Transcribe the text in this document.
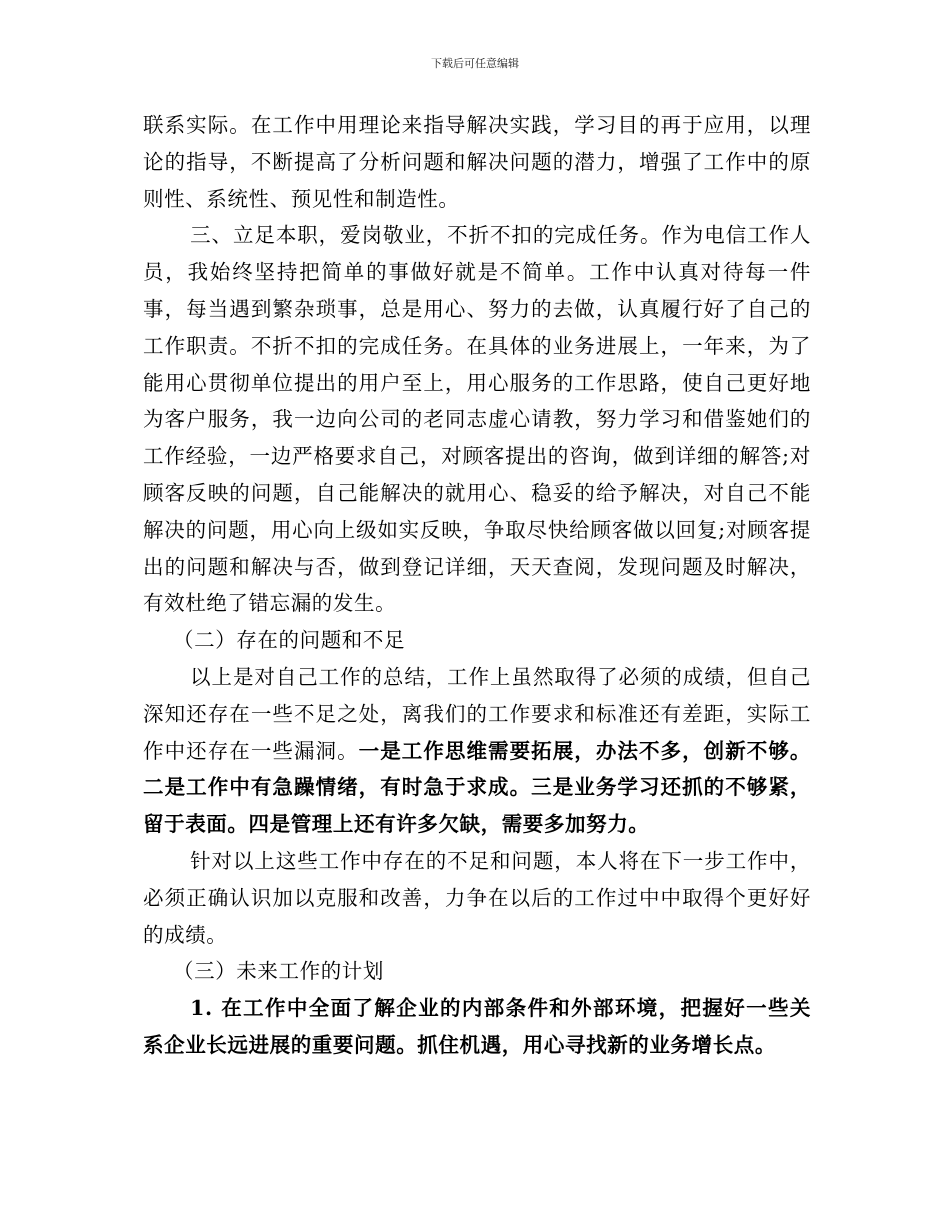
下载后可任意编辑

联系实际。在工作中用理论来指导解决实践，学习目的再于应用，以理论的指导，不断提高了分析问题和解决问题的潜力，增强了工作中的原则性、系统性、预见性和制造性。

三、立足本职，爱岗敬业，不折不扣的完成任务。作为电信工作人员，我始终坚持把简单的事做好就是不简单。工作中认真对待每一件事，每当遇到繁杂琐事，总是用心、努力的去做，认真履行好了自己的工作职责。不折不扣的完成任务。在具体的业务进展上，一年来，为了能用心贯彻单位提出的用户至上，用心服务的工作思路，使自己更好地为客户服务，我一边向公司的老同志虚心请教，努力学习和借鉴她们的工作经验，一边严格要求自己，对顾客提出的咨询，做到详细的解答;对顾客反映的问题，自己能解决的就用心、稳妥的给予解决，对自己不能解决的问题，用心向上级如实反映，争取尽快给顾客做以回复;对顾客提出的问题和解决与否，做到登记详细，天天查阅，发现问题及时解决，有效杜绝了错忘漏的发生。

（二）存在的问题和不足

以上是对自己工作的总结，工作上虽然取得了必须的成绩，但自己深知还存在一些不足之处，离我们的工作要求和标准还有差距，实际工作中还存在一些漏洞。一是工作思维需要拓展，办法不多，创新不够。二是工作中有急躁情绪，有时急于求成。三是业务学习还抓的不够紧，留于表面。四是管理上还有许多欠缺，需要多加努力。

针对以上这些工作中存在的不足和问题，本人将在下一步工作中，必须正确认识加以克服和改善，力争在以后的工作过中中取得个更好好的成绩。

（三）未来工作的计划

1. 在工作中全面了解企业的内部条件和外部环境，把握好一些关系企业长远进展的重要问题。抓住机遇，用心寻找新的业务增长点。
